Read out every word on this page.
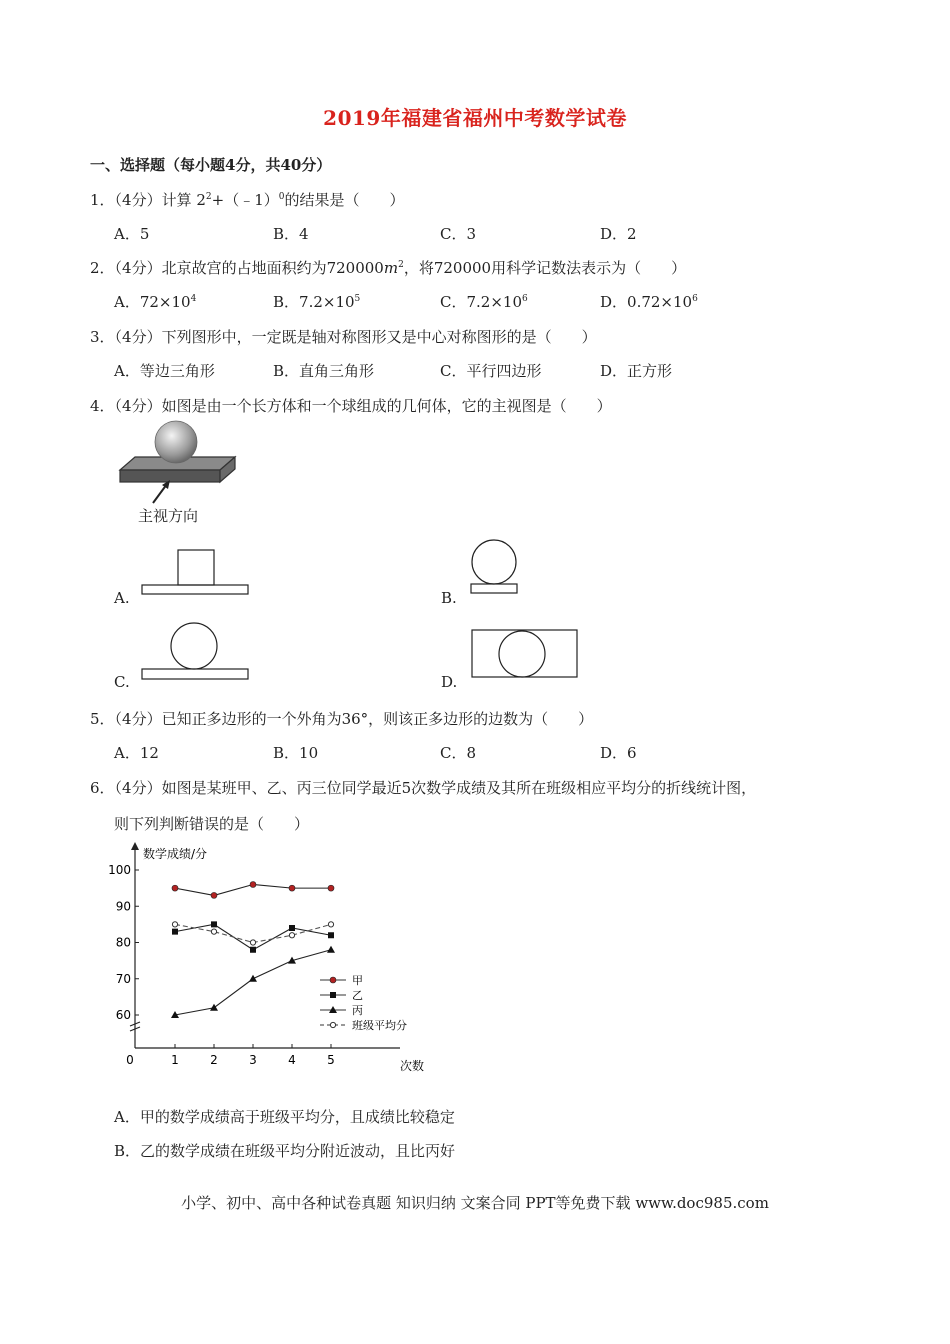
2019年福建省福州中考数学试卷
一、选择题（每小题4分，共40分）
1．（4分）计算 $2^2+(﹣1)^0$的结果是（　　）
A．5	B．4	C．3	D．2
2．（4分）北京故宫的占地面积约为$720000m^2$，将720000用科学记数法表示为（　　）
A．$72\times 10^4$	B．$7.2\times 10^5$	C．$7.2\times 10^6$	D．$0.72\times 10^6$
3．（4分）下列图形中，一定既是轴对称图形又是中心对称图形的是（　　）
A．等边三角形	B．直角三角形	C．平行四边形	D．正方形
4．（4分）如图是由一个长方体和一个球组成的几何体，它的主视图是（　　）
主视方向
A.	B.
C.	D.
5．（4分）已知正多边形的一个外角为36°，则该正多边形的边数为（　　）
A．12	B．10	C．8	D．6
6．（4分）如图是某班甲、乙、丙三位同学最近5次数学成绩及其所在班级相应平均分的折线统计图，
则下列判断错误的是（　　）
数学成绩/分
次数
0
60
70
80
90
100
1	2	3	4	5
甲
乙
丙
班级平均分
A．甲的数学成绩高于班级平均分，且成绩比较稳定
B．乙的数学成绩在班级平均分附近波动，且比丙好
小学、初中、高中各种试卷真题 知识归纳 文案合同 PPT等免费下载 www.doc985.com
